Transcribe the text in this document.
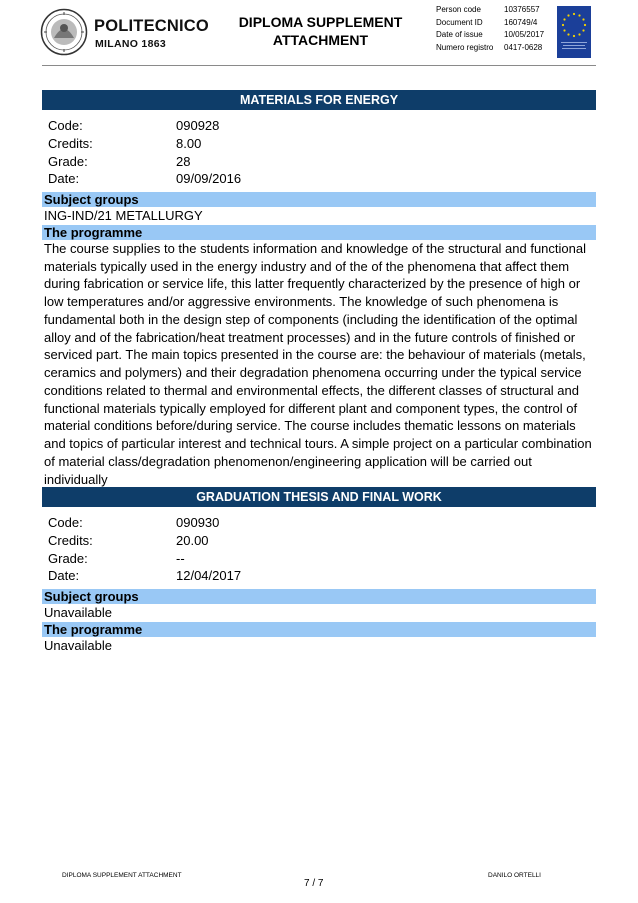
POLITECNICO
MILANO 1863
DIPLOMA SUPPLEMENT
ATTACHMENT
Person code	10376557
Document ID	160749/4
Date of issue	10/05/2017
Numero registro	0417-0628
MATERIALS FOR ENERGY
Code:	090928
Credits:	8.00
Grade:	28
Date:	09/09/2016
Subject groups
ING-IND/21 METALLURGY
The programme
The course supplies to the students information and knowledge of the structural and functional
materials typically used in the energy industry and of the of the phenomena that affect them
during fabrication or service life, this latter frequently characterized by the presence of high or
low temperatures and/or aggressive environments. The knowledge of such phenomena is
fundamental both in the design step of components (including the identification of the optimal
alloy and of the fabrication/heat treatment processes) and in the future controls of finished or
serviced part. The main topics presented in the course are: the behaviour of materials (metals,
ceramics and polymers) and their degradation phenomena occurring under the typical service
conditions related to thermal and environmental effects, the different classes of structural and
functional materials typically employed for different plant and component types, the control of
material conditions before/during service. The course includes thematic lessons on materials
and topics of particular interest and technical tours. A simple project on a particular combination
of material class/degradation phenomenon/engineering application will be carried out individually
GRADUATION THESIS AND FINAL WORK
Code:	090930
Credits:	20.00
Grade:	--
Date:	12/04/2017
Subject groups
Unavailable
The programme
Unavailable
DIPLOMA SUPPLEMENT ATTACHMENT	DANILO ORTELLI
7 / 7
